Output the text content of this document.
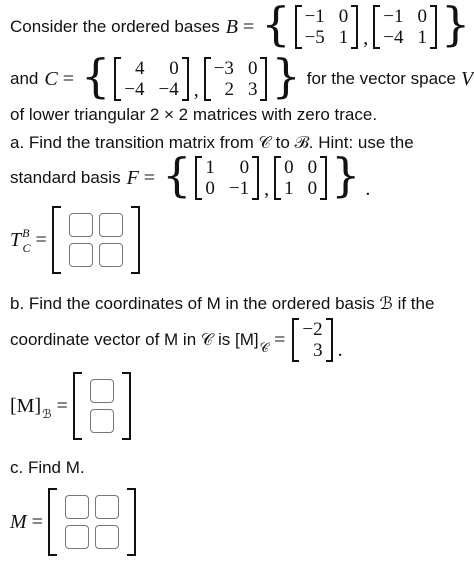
Consider the ordered bases B = { −1 0
−5 1 ,
−1 0
−4 1 }
and C = {	4	0
−4 −4 ,
−3 0
2 3 } for the vector space V
of lower triangular 2 × 2 matrices with zero trace.
a. Find the transition matrix from 𝒞 to ℬ. Hint: use the
standard basis F = { 1	0
0 −1 ,
0 0
1 0 } .
$T^B_C$ =
b. Find the coordinates of M in the ordered basis ℬ if the
coordinate vector of M in 𝒞 is [M] 𝒞 = −2
3 .
$[M]_ℬ$ =
c. Find M.
M =
